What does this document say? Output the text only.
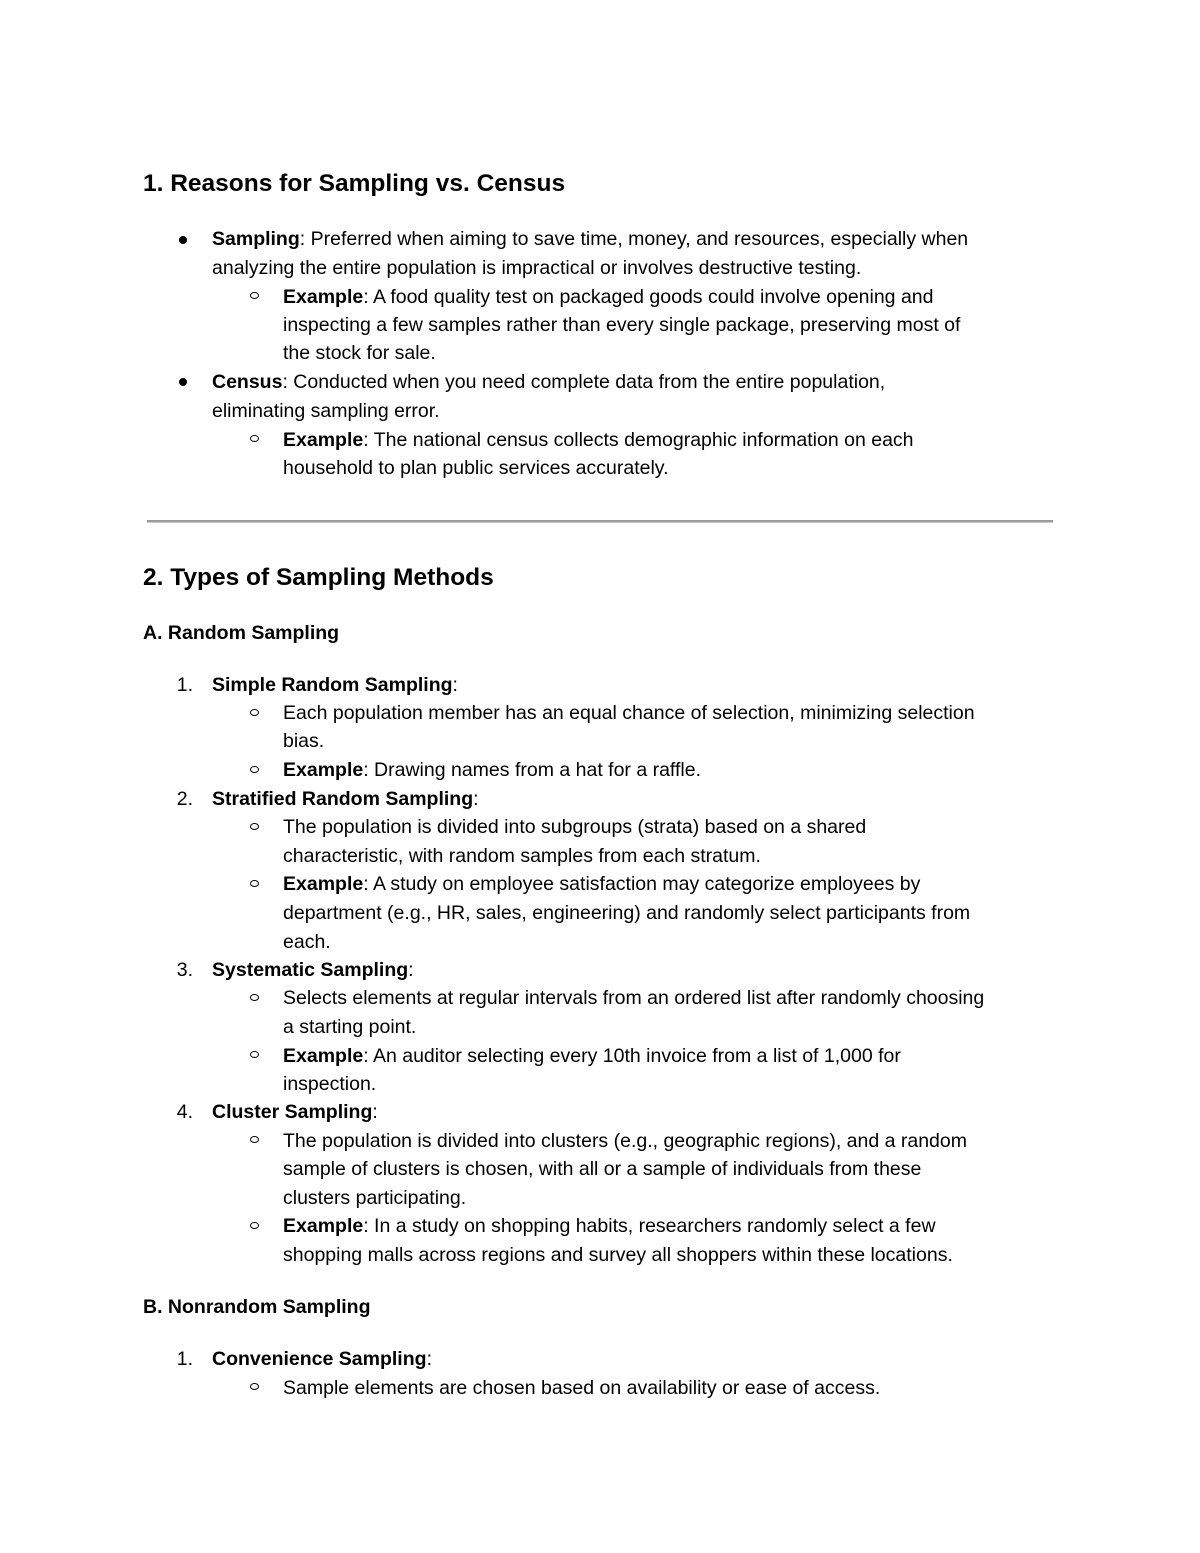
1. Reasons for Sampling vs. Census

Sampling: Preferred when aiming to save time, money, and resources, especially when

analyzing the entire population is impractical or involves destructive testing.

Example: A food quality test on packaged goods could involve opening and

inspecting a few samples rather than every single package, preserving most of

the stock for sale.

Census: Conducted when you need complete data from the entire population,

eliminating sampling error.

Example: The national census collects demographic information on each

household to plan public services accurately.

2. Types of Sampling Methods
A. Random Sampling

1. Simple Random Sampling:

Each population member has an equal chance of selection, minimizing selection

bias.

Example: Drawing names from a hat for a raffle.

2. Stratified Random Sampling:

The population is divided into subgroups (strata) based on a shared

characteristic, with random samples from each stratum.

Example: A study on employee satisfaction may categorize employees by

department (e.g., HR, sales, engineering) and randomly select participants from

each.

3. Systematic Sampling:

Selects elements at regular intervals from an ordered list after randomly choosing

a starting point.

Example: An auditor selecting every 10th invoice from a list of 1,000 for

inspection.

4. Cluster Sampling:

The population is divided into clusters (e.g., geographic regions), and a random

sample of clusters is chosen, with all or a sample of individuals from these

clusters participating.

Example: In a study on shopping habits, researchers randomly select a few

shopping malls across regions and survey all shoppers within these locations.

B. Nonrandom Sampling

1. Convenience Sampling:

Sample elements are chosen based on availability or ease of access.
